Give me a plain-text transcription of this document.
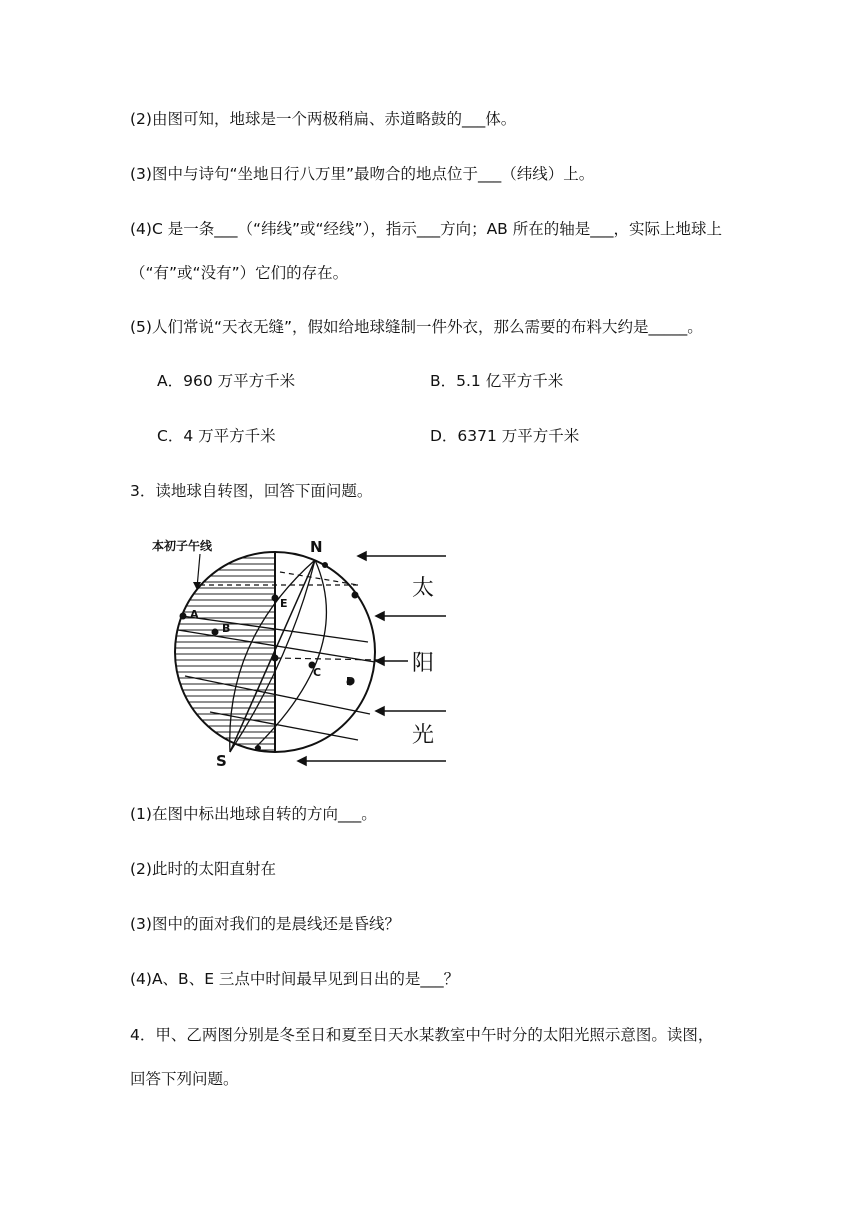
(2)由图可知，地球是一个两极稍扁、赤道略鼓的___体。
(3)图中与诗句“坐地日行八万里”最吻合的地点位于___（纬线）上。
(4)C 是一条___（“纬线”或“经线”），指示___方向；AB 所在的轴是___，实际上地球上
（“有”或“没有”）它们的存在。
(5)人们常说“天衣无缝”，假如给地球缝制一件外衣，那么需要的布料大约是_____。
A．960 万平方千米	B．5.1 亿平方千米
C．4 万平方千米	D．6371 万平方千米
3．读地球自转图，回答下面问题。
本初子午线	N
S
A
B
C
D
E
太
阳
光
(1)在图中标出地球自转的方向___。
(2)此时的太阳直射在
(3)图中的面对我们的是晨线还是昏线？
(4)A、B、E 三点中时间最早见到日出的是___？
4．甲、乙两图分别是冬至日和夏至日天水某教室中午时分的太阳光照示意图。读图，
回答下列问题。
